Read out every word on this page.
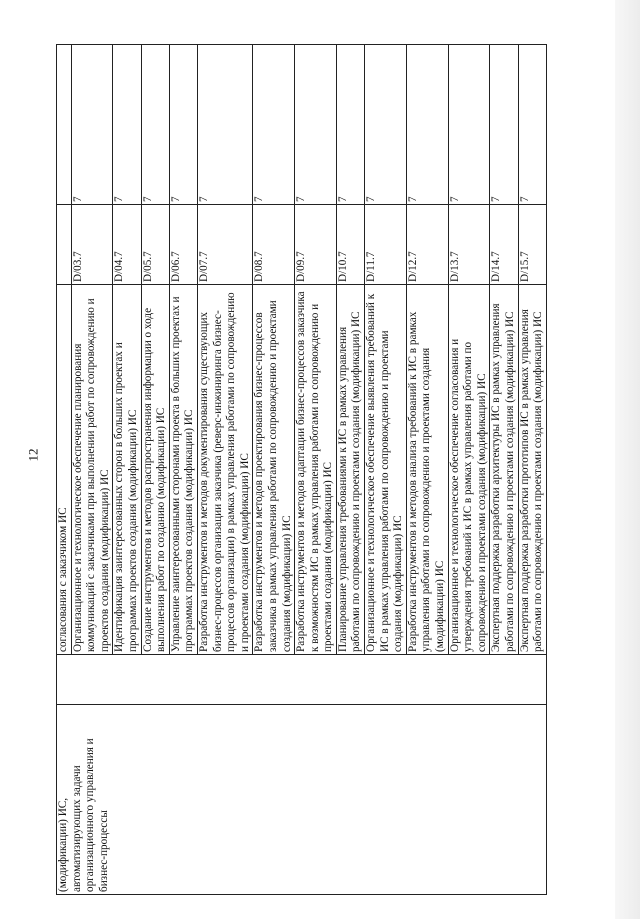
12
(модификации) ИС, автоматизирующих задачи организационного управления и бизнес-процессы		согласования с заказчиком ИС		
		Организационное и технологическое обеспечение планирования коммуникаций с заказчиками при выполнении работ по сопровождению и проектов создания (модификации) ИС	D/03.7	7
		Идентификация заинтересованных сторон в больших проектах и программах проектов создания (модификации) ИС	D/04.7	7
		Создание инструментов и методов распространения информации о ходе выполнения работ по созданию (модификации) ИС	D/05.7	7
		Управление заинтересованными сторонами проекта в больших проектах и программах проектов создания (модификации) ИС	D/06.7	7
		Разработка инструментов и методов документирования существующих бизнес-процессов организации заказчика (реверс-инжиниринга бизнес-процессов организации) в рамках управления работами по сопровождению и проектами создания (модификации) ИС	D/07.7	7
		Разработка инструментов и методов проектирования бизнес-процессов заказчика в рамках управления работами по сопровождению и проектами создания (модификации) ИС	D/08.7	7
		Разработка инструментов и методов адаптации бизнес-процессов заказчика к возможностям ИС в рамках управления работами по сопровождению и проектами создания (модификации) ИС	D/09.7	7
		Планирование управления требованиями к ИС в рамках управления работами по сопровождению и проектами создания (модификации) ИС	D/10.7	7
		Организационное и технологическое обеспечение выявления требований к ИС в рамках управления работами по сопровождению и проектами создания (модификации) ИС	D/11.7	7
		Разработка инструментов и методов анализа требований к ИС в рамках управления работами по сопровождению и проектами создания (модификации) ИС	D/12.7	7
		Организационное и технологическое обеспечение согласования и утверждения требований к ИС в рамках управления работами по сопровождению и проектами создания (модификации) ИС	D/13.7	7
		Экспертная поддержка разработки архитектуры ИС в рамках управления работами по сопровождению и проектами создания (модификации) ИС	D/14.7	7
		Экспертная поддержка разработки прототипов ИС в рамках управления работами по сопровождению и проектами создания (модификации) ИС	D/15.7	7
